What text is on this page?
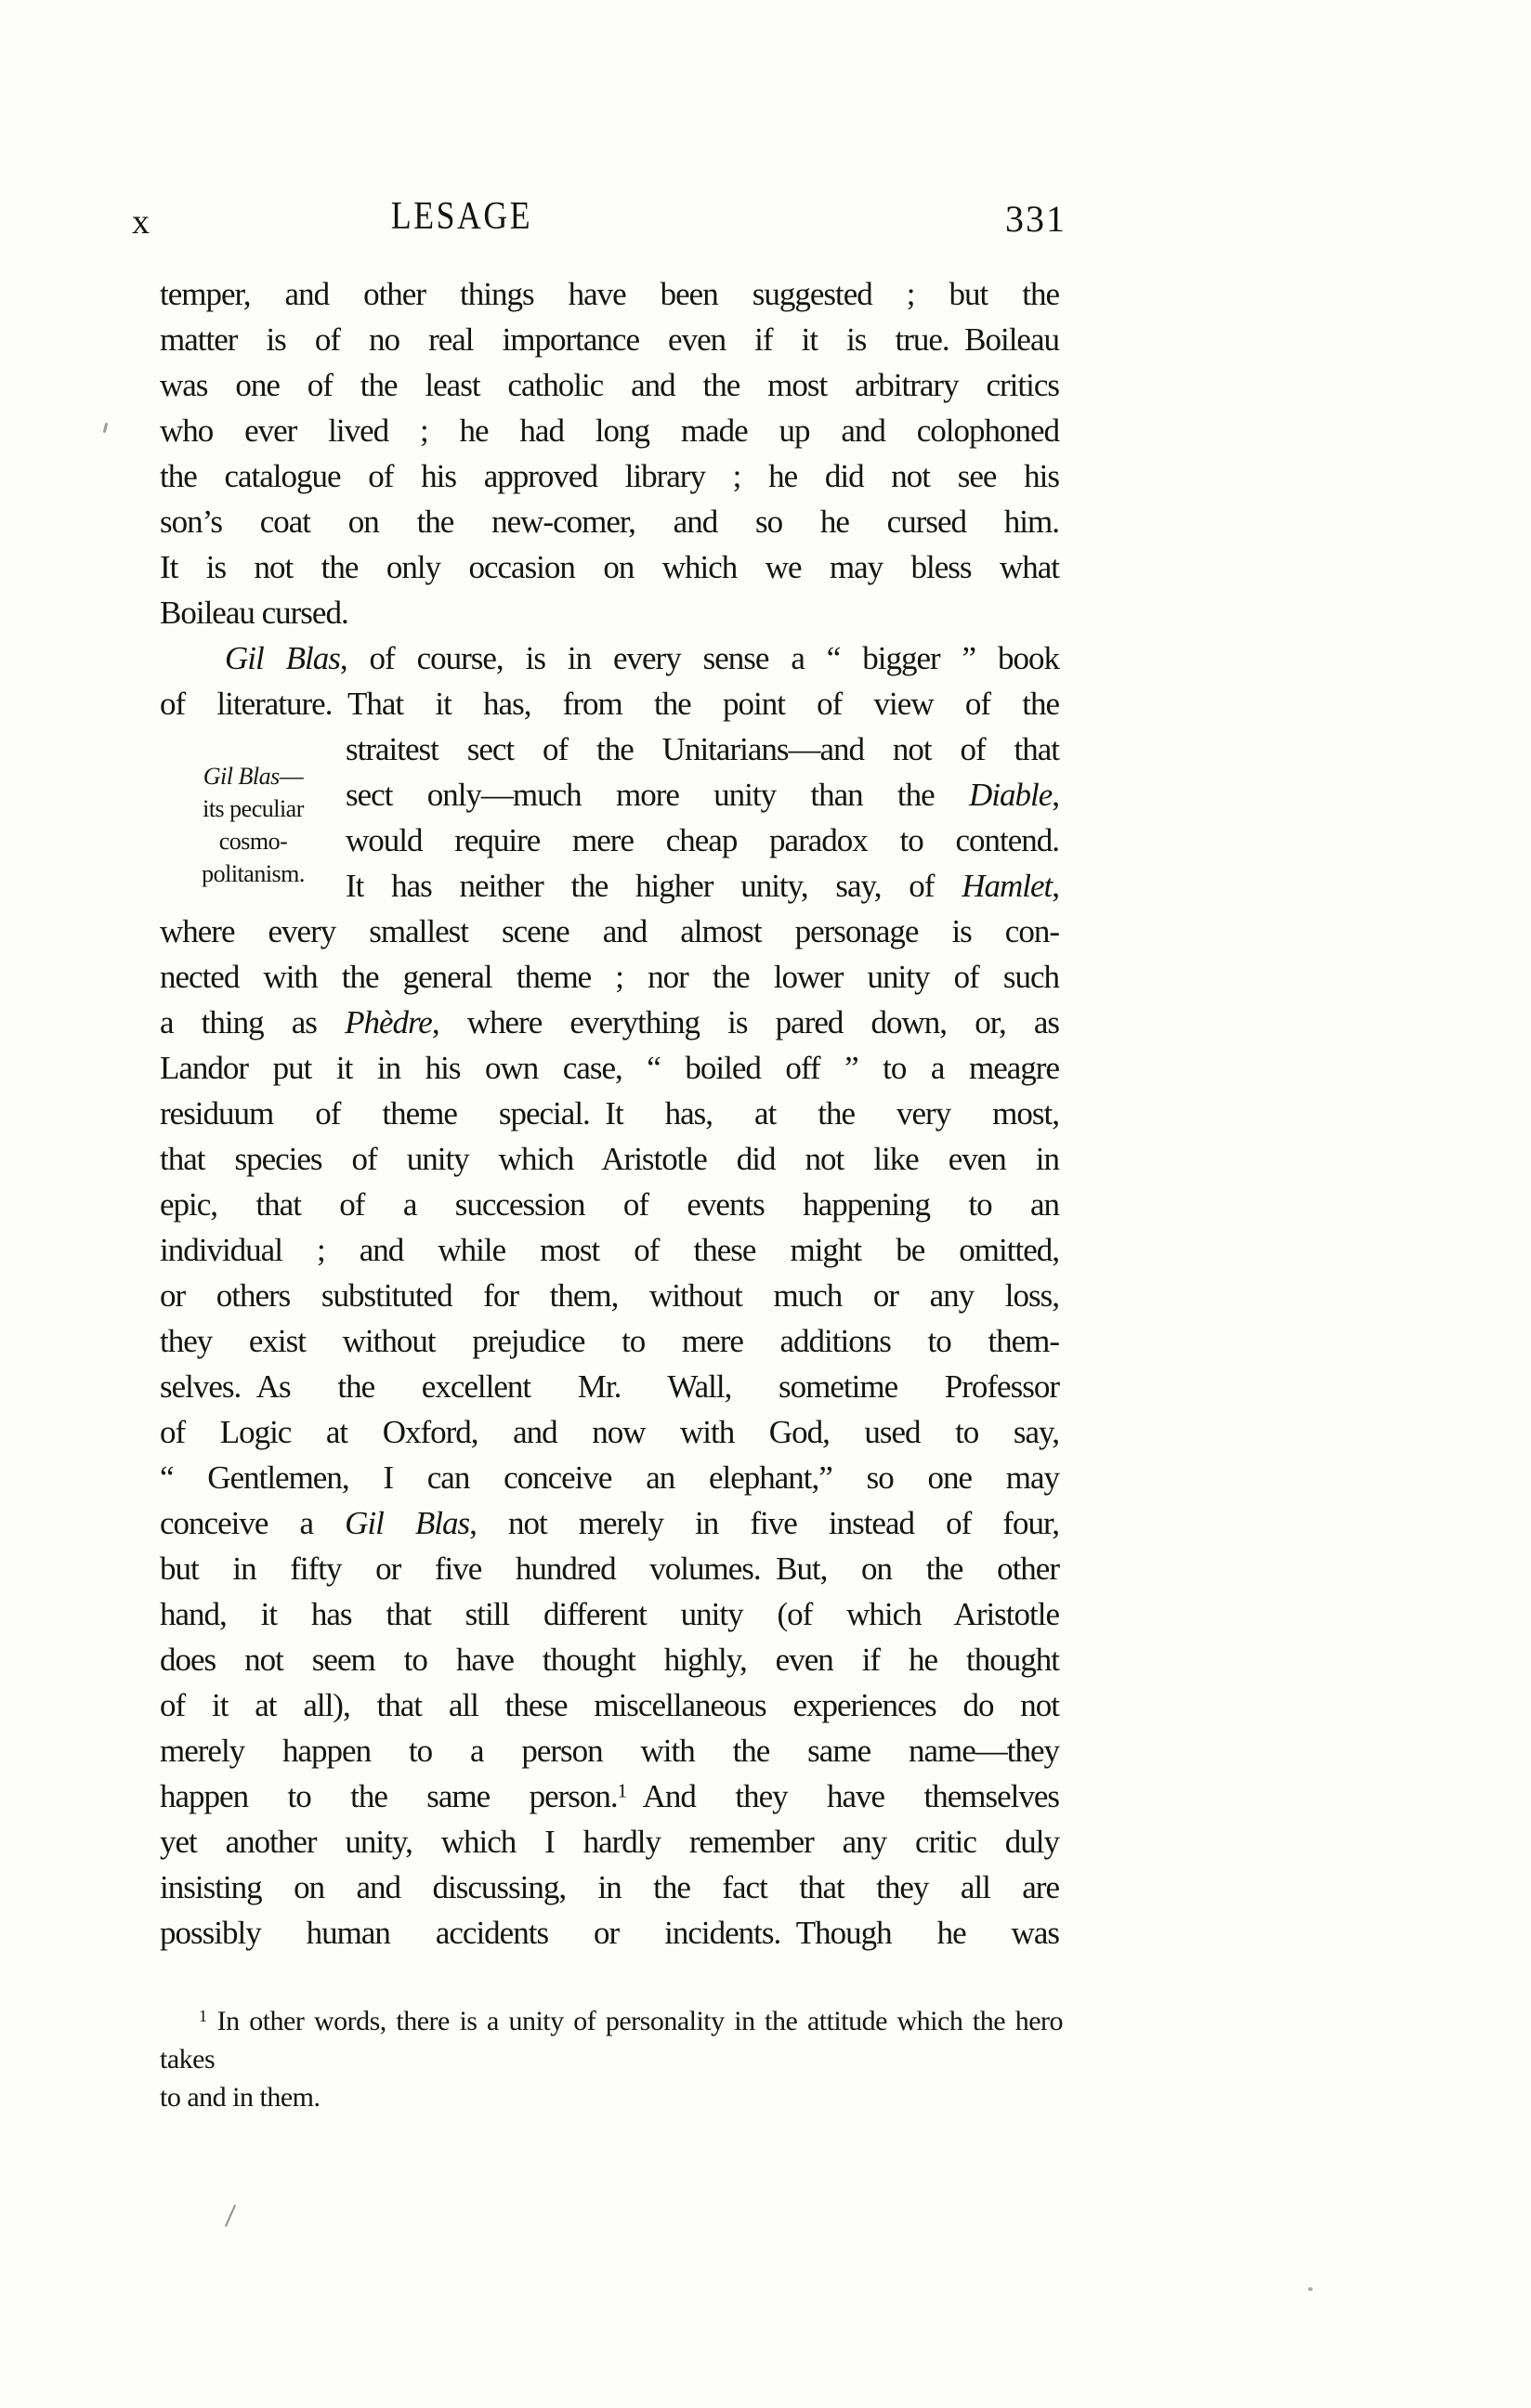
x	LESAGE	331
temper, and other things have been suggested ; but the
matter is of no real importance even if it is true. Boileau
was one of the least catholic and the most arbitrary critics
who ever lived ; he had long made up and colophoned
the catalogue of his approved library ; he did not see his
son’s coat on the new-comer, and so he cursed him.
It is not the only occasion on which we may bless what
Boileau cursed.
Gil Blas, of course, is in every sense a “ bigger ” book
of literature. That it has, from the point of view of the
straitest sect of the Unitarians—and not of that
sect only—much more unity than the Diable,
would require mere cheap paradox to contend.
It has neither the higher unity, say, of Hamlet,
where every smallest scene and almost personage is con-
nected with the general theme ; nor the lower unity of such
a thing as Phèdre, where everything is pared down, or, as
Landor put it in his own case, “ boiled off ” to a meagre
residuum of theme special. It has, at the very most,
that species of unity which Aristotle did not like even in
epic, that of a succession of events happening to an
individual ; and while most of these might be omitted,
or others substituted for them, without much or any loss,
they exist without prejudice to mere additions to them-
selves. As the excellent Mr. Wall, sometime Professor
of Logic at Oxford, and now with God, used to say,
“ Gentlemen, I can conceive an elephant,” so one may
conceive a Gil Blas, not merely in five instead of four,
but in fifty or five hundred volumes. But, on the other
hand, it has that still different unity (of which Aristotle
does not seem to have thought highly, even if he thought
of it at all), that all these miscellaneous experiences do not
merely happen to a person with the same name—they
happen to the same person.$^1$ And they have themselves
yet another unity, which I hardly remember any critic duly
insisting on and discussing, in the fact that they all are
possibly human accidents or incidents. Though he was
Gil Blas—
its peculiar
cosmo-
politanism.
$^1$ In other words, there is a unity of personality in the attitude which the hero takes
to and in them.
